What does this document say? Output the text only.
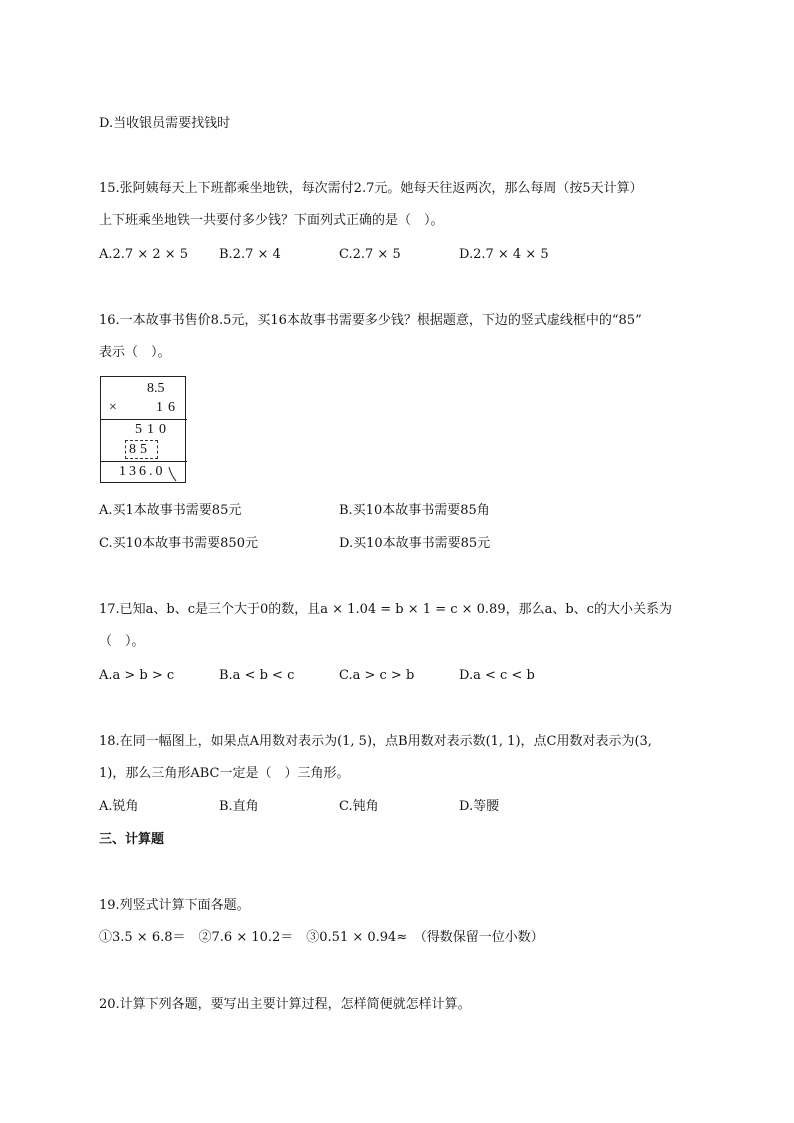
D.当收银员需要找钱时
15.张阿姨每天上下班都乘坐地铁，每次需付2.7元。她每天往返两次，那么每周（按5天计算）
上下班乘坐地铁一共要付多少钱？下面列式正确的是（　）。
A.2.7 × 2 × 5 B.2.7 × 4	C.2.7 × 5	D.2.7 × 4 × 5
16.一本故事书售价8.5元，买16本故事书需要多少钱？根据题意，下边的竖式虚线框中的“85”
表示（　）。
8.5
×	16
510
85
136.0
A.买1本故事书需要85元	B.买10本故事书需要85角
C.买10本故事书需要850元	D.买10本故事书需要85元
17.已知a、b、c是三个大于0的数，且a × 1.04 = b × 1 = c × 0.89，那么a、b、c的大小关系为
（　）。
A.a > b > c	B.a < b < c	C.a > c > b	D.a < c < b
18.在同一幅图上，如果点A用数对表示为(1, 5)，点B用数对表示数(1, 1)，点C用数对表示为(3,
1)，那么三角形ABC一定是（　）三角形。
A.锐角	B.直角	C.钝角	D.等腰
三、计算题
19.列竖式计算下面各题。
①3.5 × 6.8＝　②7.6 × 10.2＝　③0.51 × 0.94≈　（得数保留一位小数）
20.计算下列各题，要写出主要计算过程，怎样简便就怎样计算。
